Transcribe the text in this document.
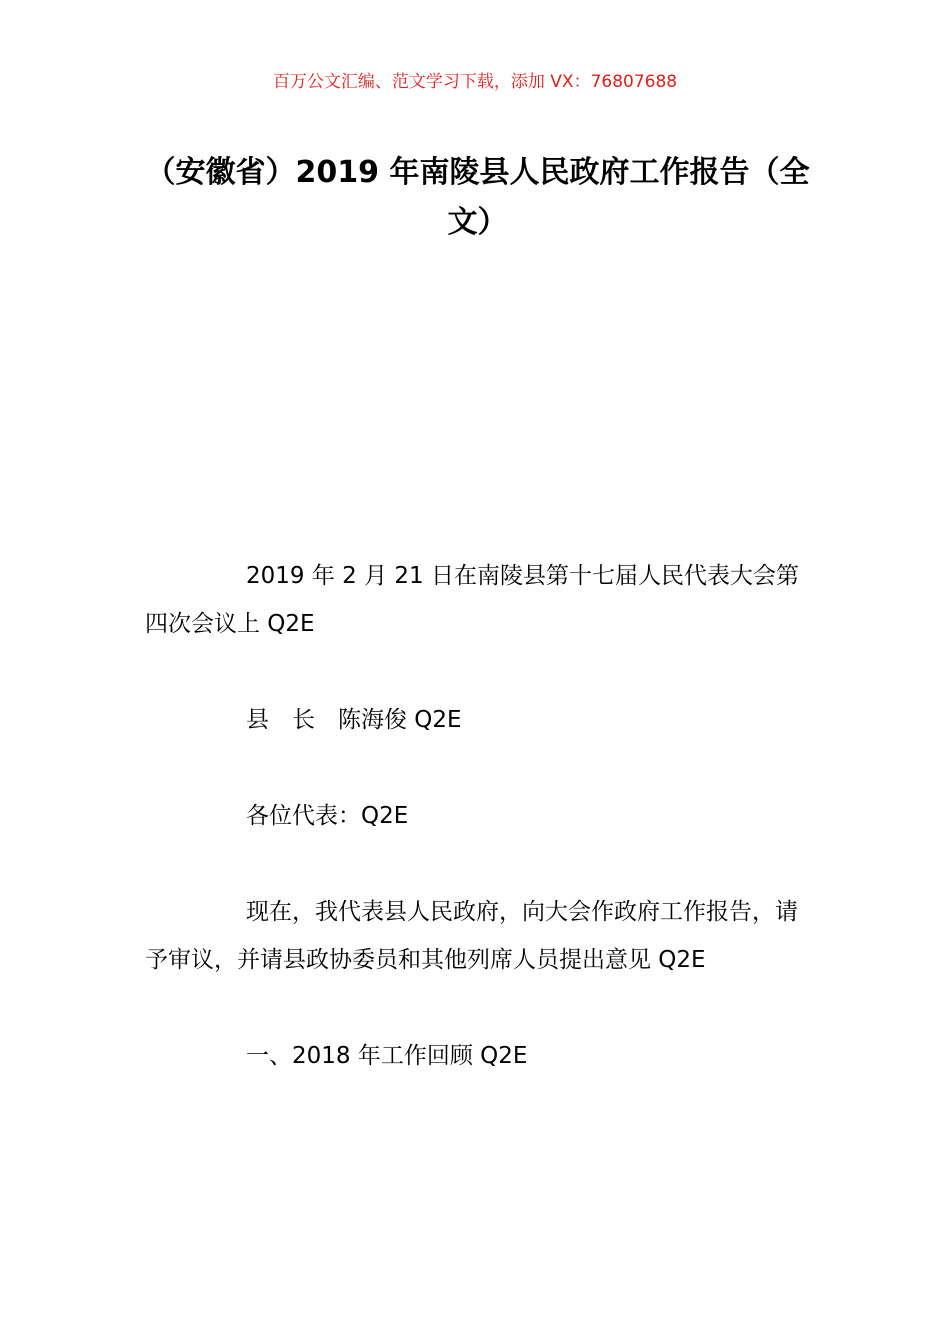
百万公文汇编、范文学习下载，添加 VX：76807688
（安徽省）2019 年南陵县人民政府工作报告（全文）

2019 年 2 月 21 日在南陵县第十七届人民代表大会第四次会议上 Q2E

县　长　陈海俊 Q2E

各位代表：Q2E

现在，我代表县人民政府，向大会作政府工作报告，请予审议，并请县政协委员和其他列席人员提出意见 Q2E

一、2018 年工作回顾 Q2E
